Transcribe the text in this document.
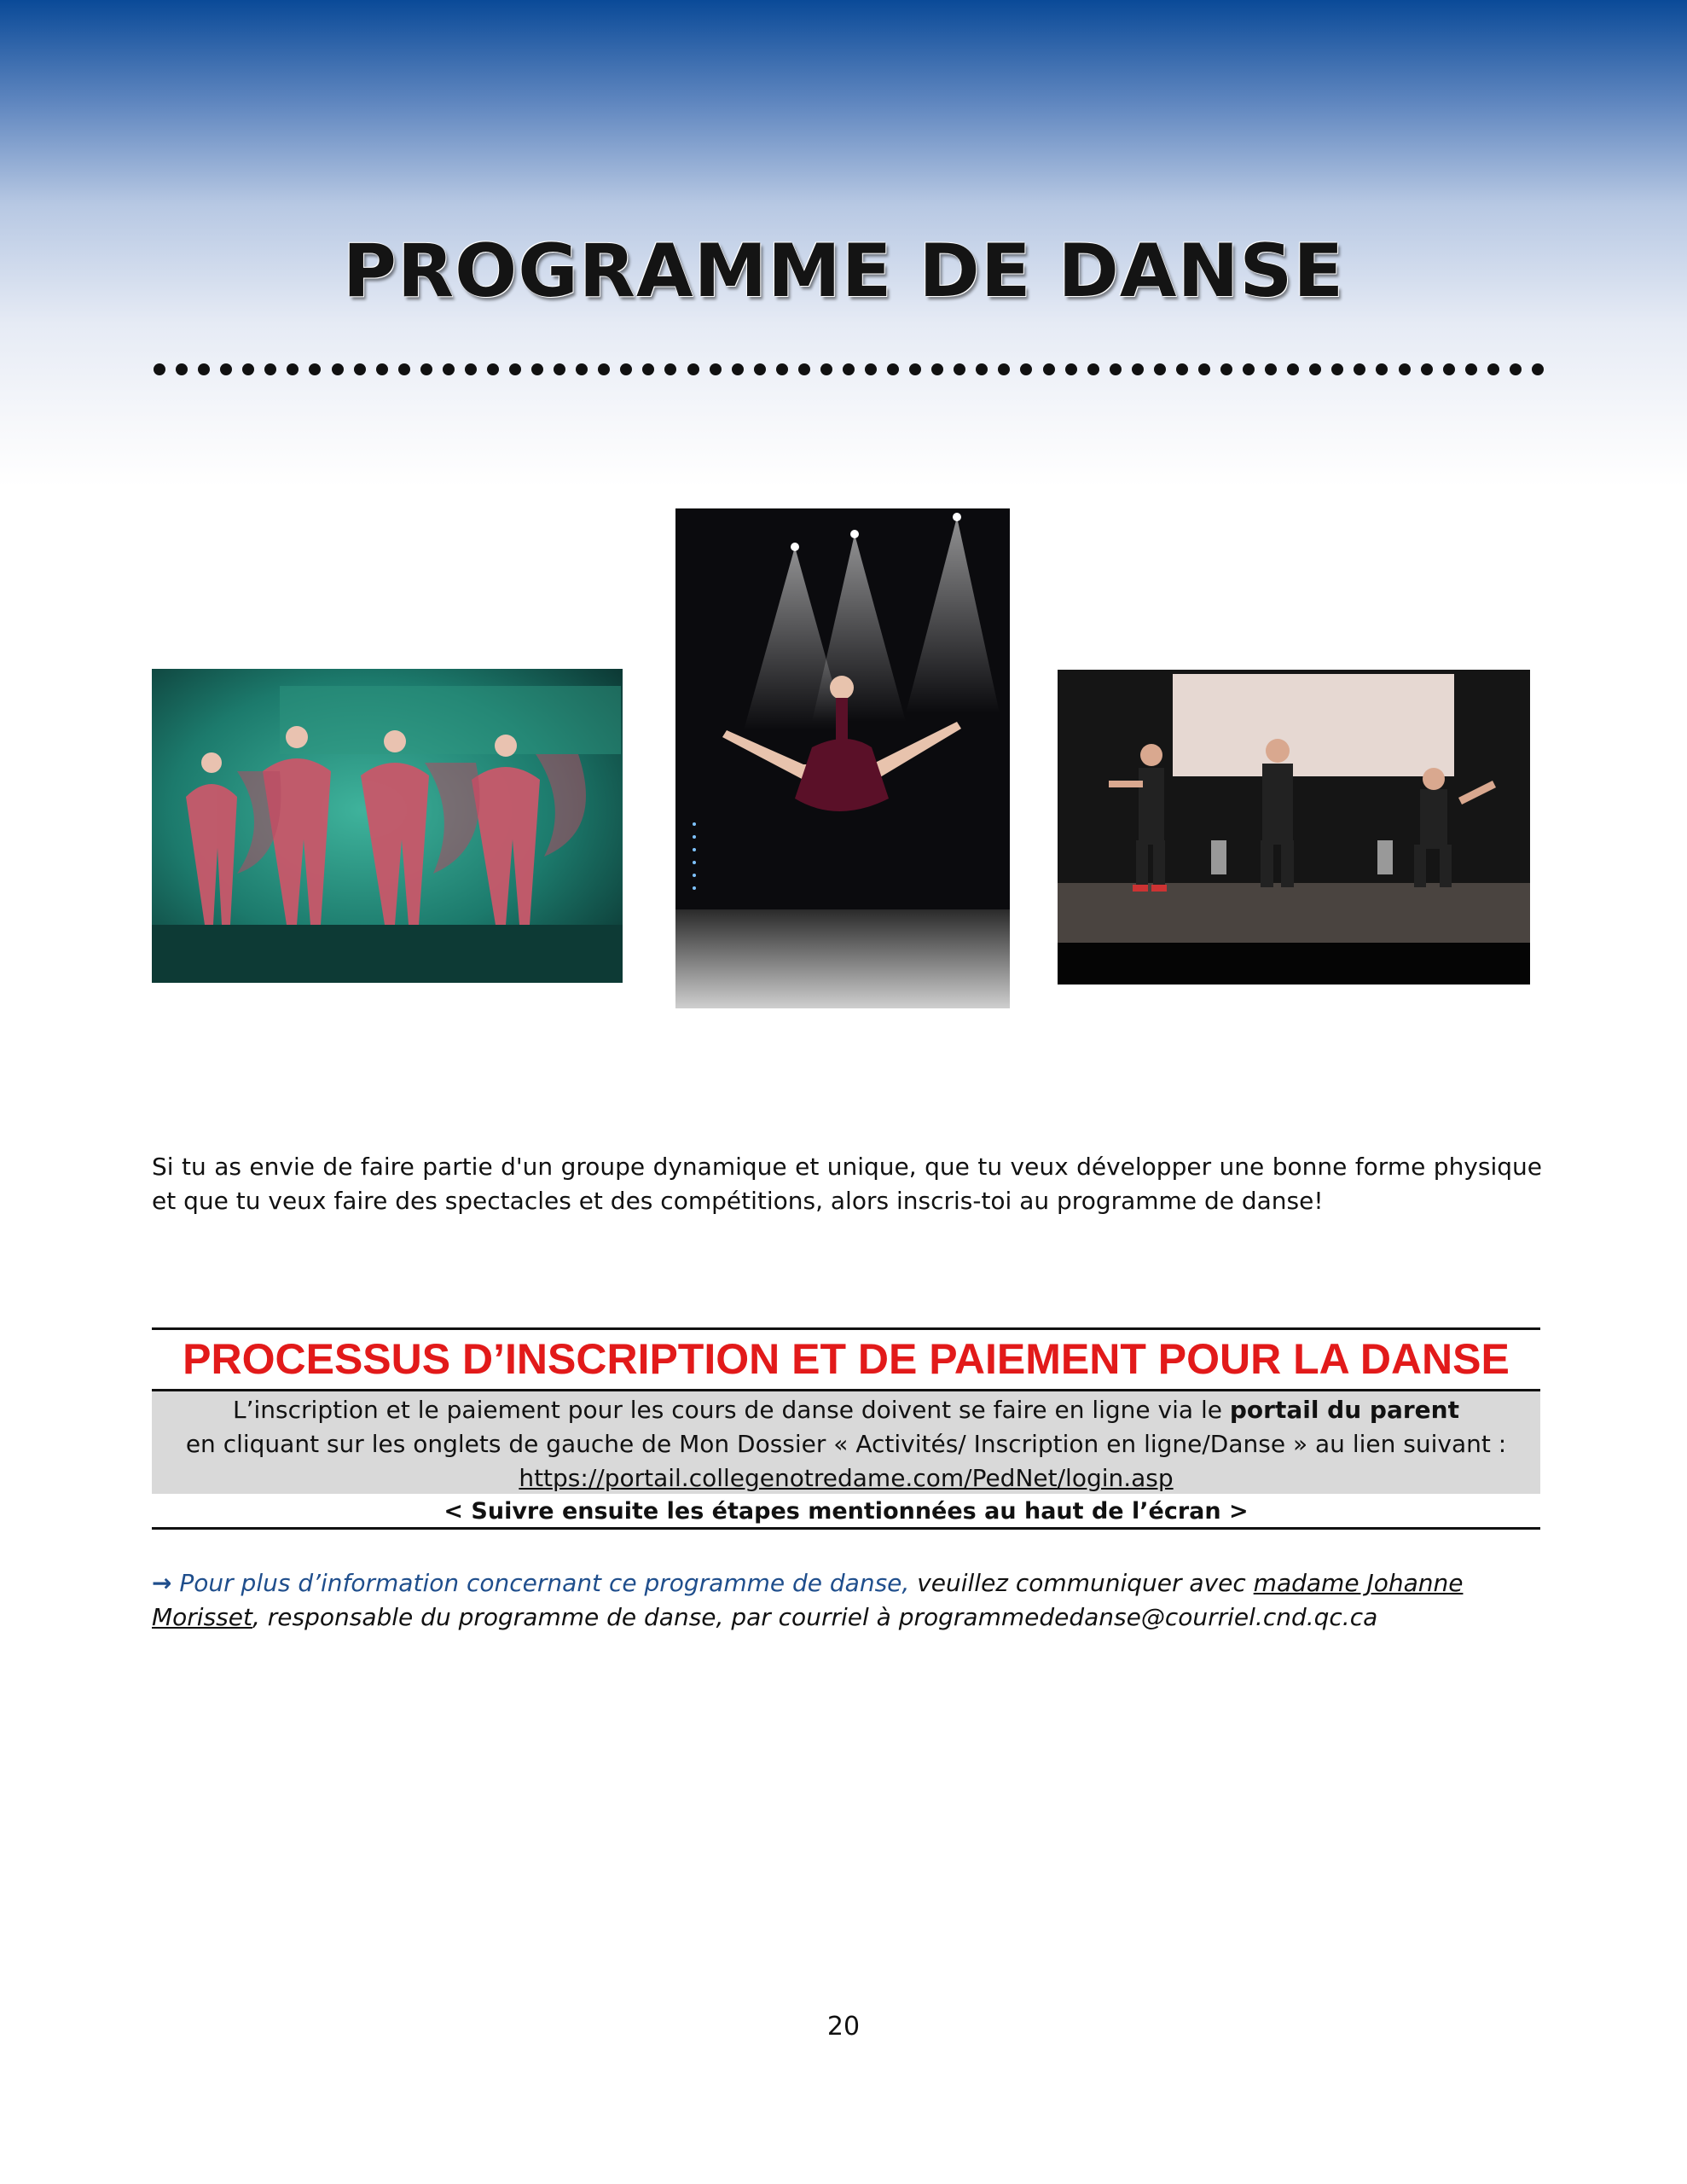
PROGRAMME DE DANSE
Si tu as envie de faire partie d'un groupe dynamique et unique, que tu veux développer une bonne forme physique et que tu veux faire des spectacles et des compétitions, alors inscris-toi au programme de danse!
PROCESSUS D’INSCRIPTION ET DE PAIEMENT POUR LA DANSE
L’inscription et le paiement pour les cours de danse doivent se faire en ligne via le portail du parent
en cliquant sur les onglets de gauche de Mon Dossier « Activités/ Inscription en ligne/Danse » au lien suivant :
https://portail.collegenotredame.com/PedNet/login.asp
< Suivre ensuite les étapes mentionnées au haut de l’écran >
→ Pour plus d’information concernant ce programme de danse, veuillez communiquer avec madame Johanne Morisset, responsable du programme de danse, par courriel à programmededanse@courriel.cnd.qc.ca
20
